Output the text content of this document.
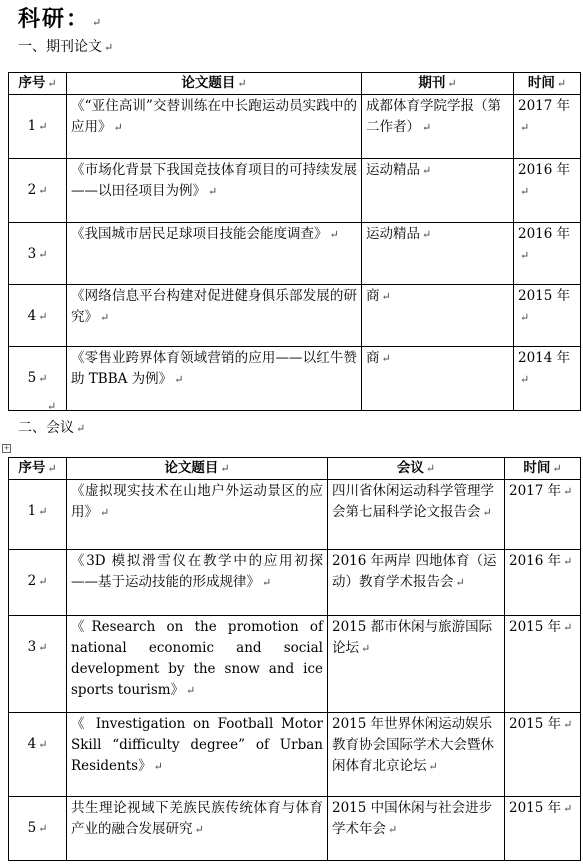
科研： ↵
一、期刊论文 ↵
序号 ↵	论文题目 ↵	期刊 ↵	时间 ↵

1 ↵	《“亚住高训”交替训练在中长跑运动员实践中的应用》 ↵	成都体育学院学报（第二作者） ↵	2017 年↵

2 ↵	《市场化背景下我国竞技体育项目的可持续发展——以田径项目为例》 ↵	运动精品 ↵	2016 年↵

3 ↵	《我国城市居民足球项目技能会能度调查》 ↵	运动精品 ↵	2016 年↵

4 ↵	《网络信息平台构建对促进健身俱乐部发展的研究》 ↵	商 ↵	2015 年↵

5 ↵	《零售业跨界体育领域营销的应用——以红牛赞助 TBBA 为例》 ↵	商 ↵	2014 年↵
↵
二、会议 ↵
+
序号 ↵	论文题目 ↵	会议 ↵	时间 ↵

1 ↵	《虚拟现实技术在山地户外运动景区的应用》 ↵	四川省休闲运动科学管理学会第七届科学论文报告会 ↵	2017 年 ↵

2 ↵	《3D 模拟滑雪仪在教学中的应用初探——基于运动技能的形成规律》 ↵	2016 年两岸 四地体育（运动）教育学术报告会 ↵	2016 年 ↵

3 ↵	《Research on the promotion of national economic and social development by the snow and ice sports tourism》 ↵	2015 都市休闲与旅游国际论坛 ↵	2015 年 ↵

4 ↵	《 Investigation on Football Motor Skill “difficulty degree” of Urban Residents》 ↵	2015 年世界休闲运动娱乐教育协会国际学术大会暨休闲体育北京论坛 ↵	2015 年 ↵

5 ↵	共生理论视域下羌族民族传统体育与体育产业的融合发展研究 ↵	2015 中国休闲与社会进步学术年会 ↵	2015 年 ↵
